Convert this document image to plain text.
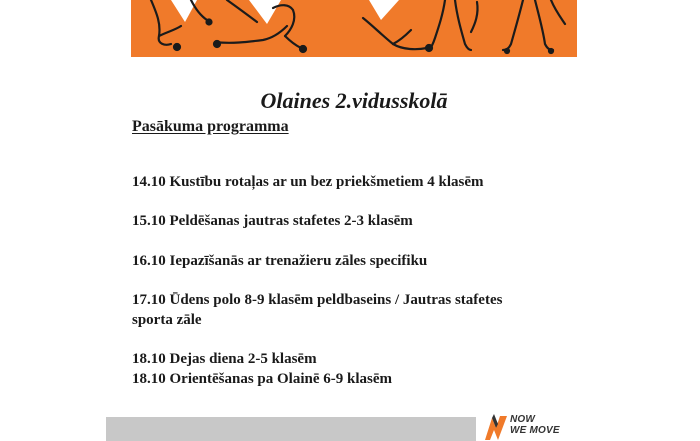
Olaines 2.vidusskolā
Pasākuma programma
14.10 Kustību rotaļas ar un bez priekšmetiem 4 klasēm
15.10 Peldēšanas jautras stafetes 2-3 klasēm
16.10 Iepazīšanās ar trenažieru zāles specifiku
17.10 Ūdens polo 8-9 klasēm peldbaseins / Jautras stafetes
sporta zāle
18.10 Dejas diena 2-5 klasēm
18.10 Orientēšanas pa Olainē 6-9 klasēm
NOW
WE MOVE
